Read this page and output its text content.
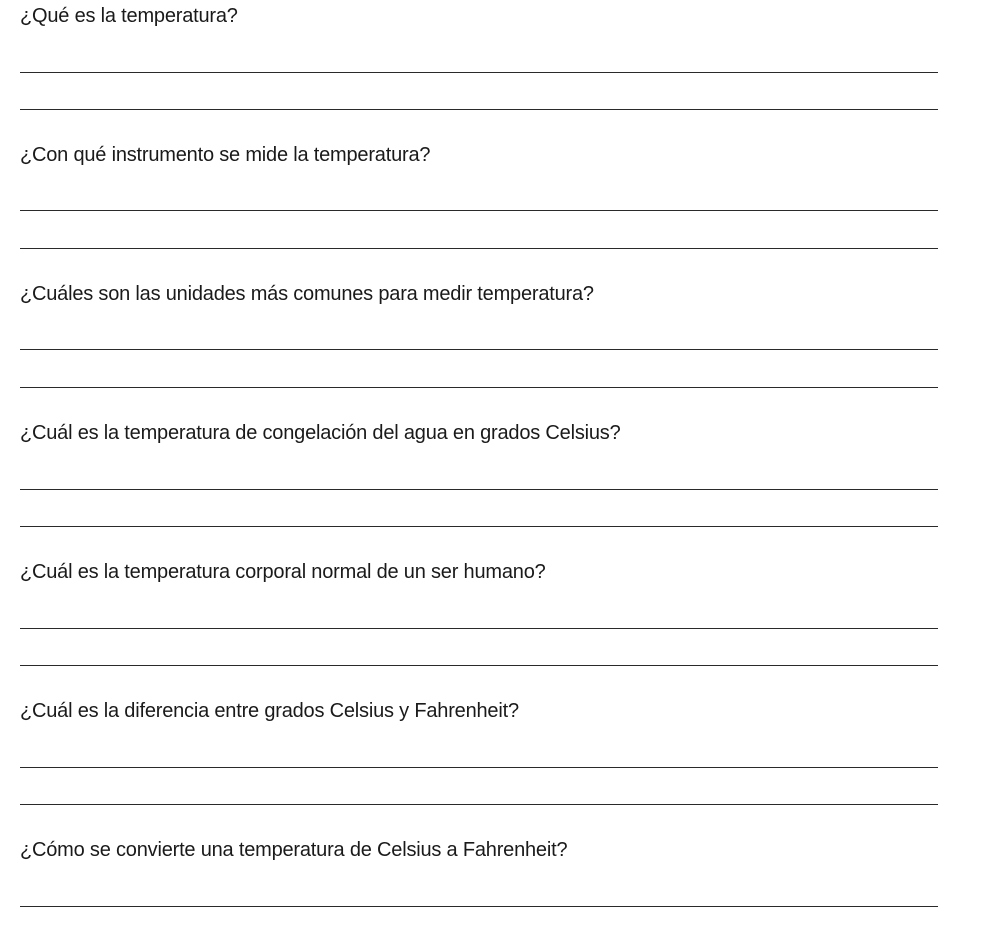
¿Qué es la temperatura?
¿Con qué instrumento se mide la temperatura?
¿Cuáles son las unidades más comunes para medir temperatura?
¿Cuál es la temperatura de congelación del agua en grados Celsius?
¿Cuál es la temperatura corporal normal de un ser humano?
¿Cuál es la diferencia entre grados Celsius y Fahrenheit?
¿Cómo se convierte una temperatura de Celsius a Fahrenheit?
